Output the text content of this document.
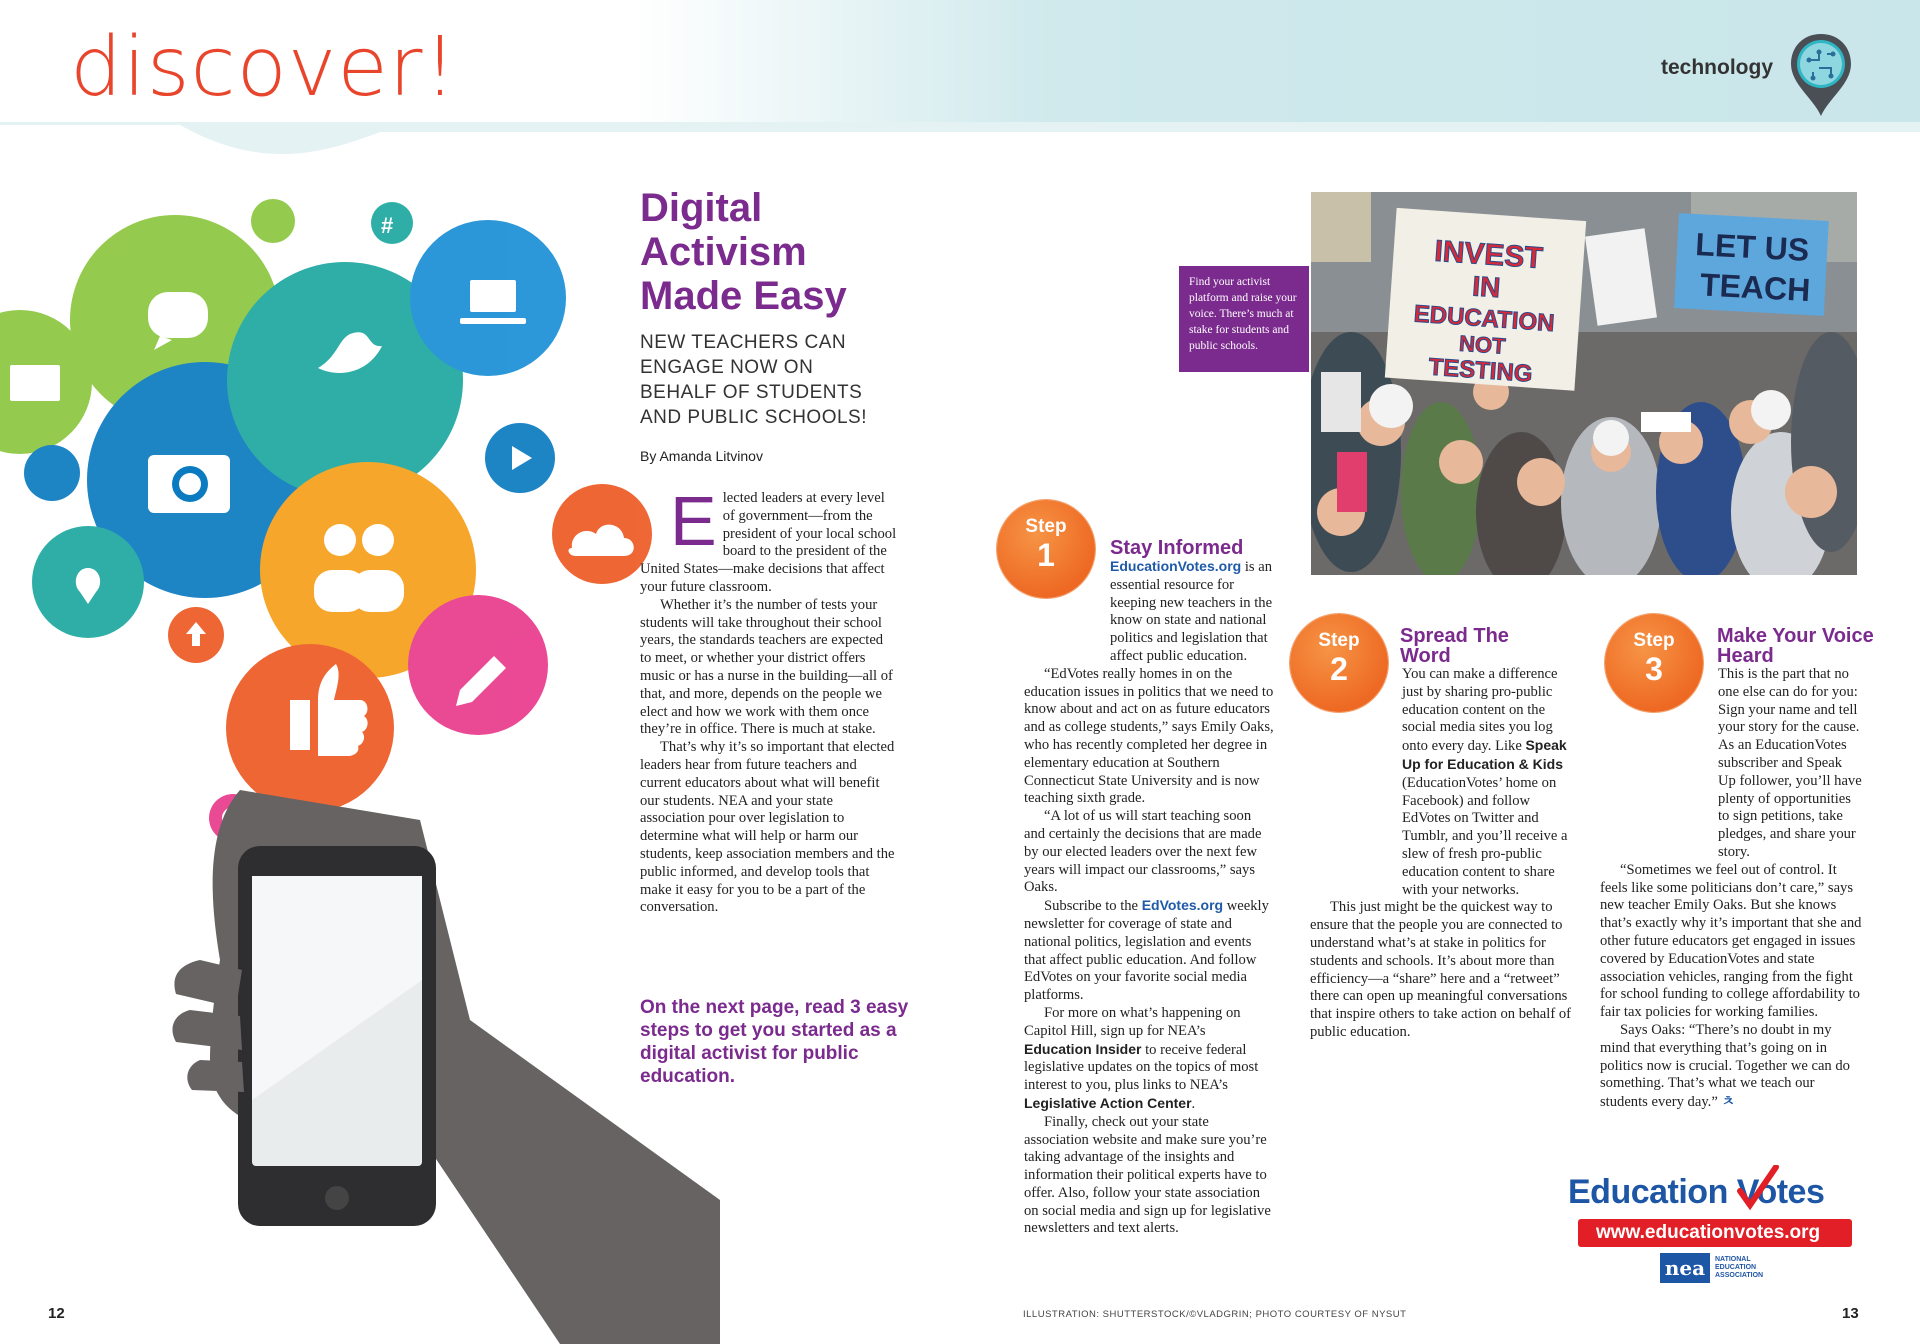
discover!	technology
#	Digital Activism Made Easy
NEW TEACHERS CAN ENGAGE NOW ON BEHALF OF STUDENTS AND PUBLIC SCHOOLS!
By Amanda Litvinov

Elected leaders at every level of government—from the president of your local school board to the president of the United States—make decisions that affect your future classroom.

Whether it’s the number of tests your students will take throughout their school years, the standards teachers are expected to meet, or whether your district offers music or has a nurse in the building—all of that, and more, depends on the people we elect and how we work with them once they’re in office. There is much at stake.

That’s why it’s so important that elected leaders hear from future teachers and current educators about what will benefit our students. NEA and your state association pour over legislation to determine what will help or harm our students, keep association members and the public informed, and develop tools that make it easy for you to be a part of the conversation.

On the next page, read 3 easy steps to get you started as a digital activist for public education.
Find your activist platform and raise your voice. There’s much at stake for students and public schools.
INVEST
IN
EDUCATION
NOT
TESTING
LET US
TEACH
Step
1	Stay Informed

EducationVotes.org is an essential resource for keeping new teachers in the know on state and national politics and legislation that affect public education.

“EdVotes really homes in on the education issues in politics that we need to know about and act on as future educators and as college students,” says Emily Oaks, who has recently completed her degree in elementary education at Southern Connecticut State University and is now teaching sixth grade.

“A lot of us will start teaching soon and certainly the decisions that are made by our elected leaders over the next few years will impact our classrooms,” says Oaks.

Subscribe to the EdVotes.org weekly newsletter for coverage of state and national politics, legislation and events that affect public education. And follow EdVotes on your favorite social media platforms.

For more on what’s happening on Capitol Hill, sign up for NEA’s Education Insider to receive federal legislative updates on the topics of most interest to you, plus links to NEA’s Legislative Action Center.

Finally, check out your state association website and make sure you’re taking advantage of the insights and information their political experts have to offer. Also, follow your state association on social media and sign up for legislative newsletters and text alerts.

Step
2
Spread The Word

You can make a difference just by sharing pro-public education content on the social media sites you log onto every day. Like Speak Up for Education & Kids (EducationVotes’ home on Facebook) and follow EdVotes on Twitter and Tumblr, and you’ll receive a slew of fresh pro-public education content to share with your networks.

This just might be the quickest way to ensure that the people you are connected to understand what’s at stake in politics for students and schools. It’s about more than efficiency—a “share” here and a “retweet” there can open up meaningful conversations that inspire others to take action on behalf of public education.

Step
3
Make Your Voice Heard

This is the part that no one else can do for you: Sign your name and tell your story for the cause. As an EducationVotes subscriber and Speak Up follower, you’ll have plenty of opportunities to sign petitions, take pledges, and share your story.

“Sometimes we feel out of control. It feels like some politicians don’t care,” says new teacher Emily Oaks. But she knows that’s exactly why it’s important that she and other future educators get engaged in issues covered by EducationVotes and state association vehicles, ranging from the fight for school funding to college affordability to fair tax policies for working families.

Says Oaks: “There’s no doubt in my mind that everything that’s going on in politics now is crucial. Together we can do something. That’s what we teach our students every day.” ㅊ

Education Votes
www.educationvotes.org
nea	NATIONAL EDUCATION ASSOCIATION
12	ILLUSTRATION: SHUTTERSTOCK/©VLADGRIN; PHOTO COURTESY OF NYSUT	13
